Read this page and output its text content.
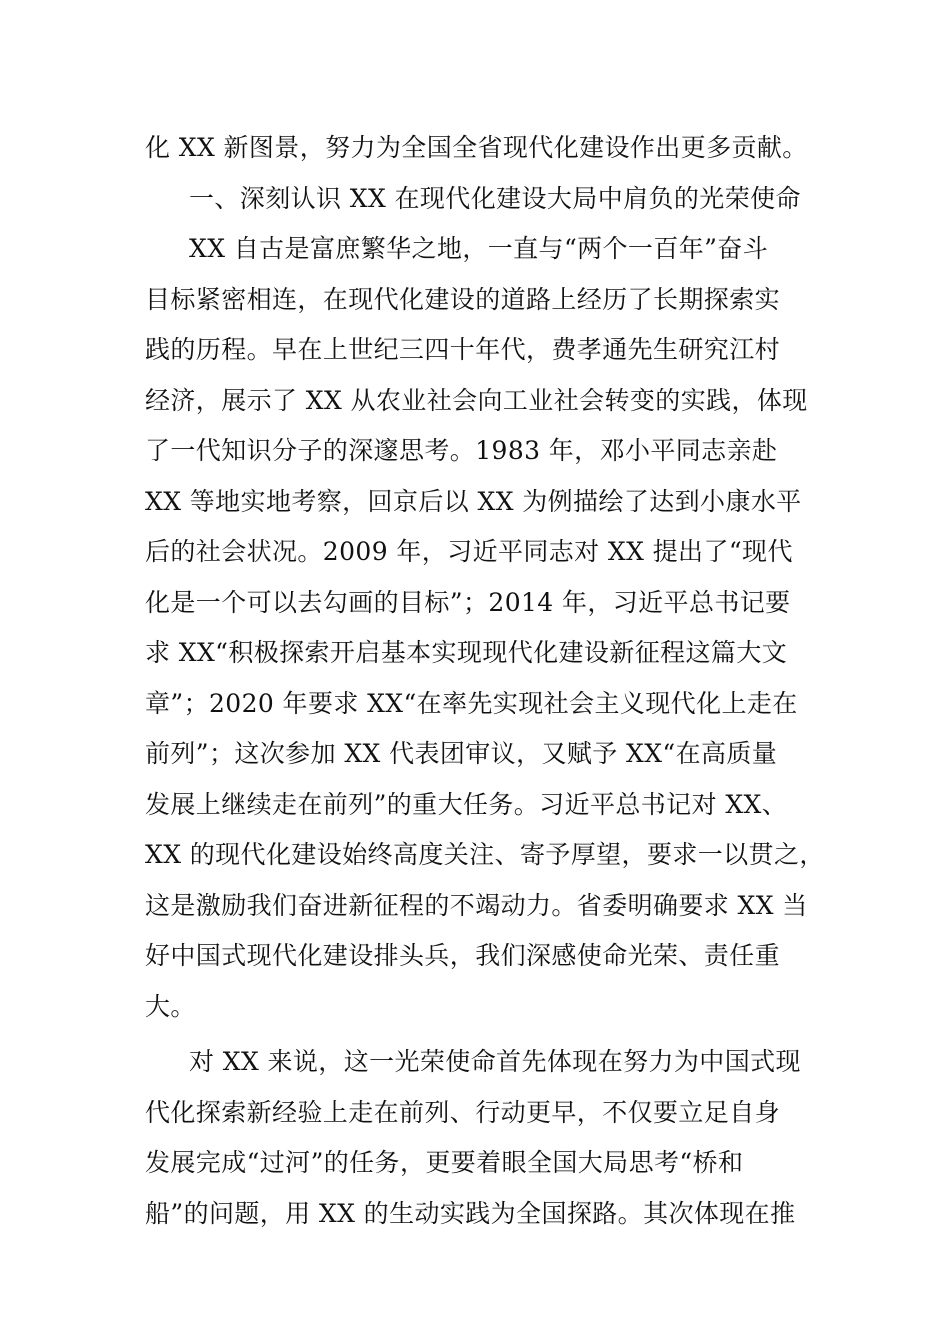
化 XX 新图景，努力为全国全省现代化建设作出更多贡献。
一、深刻认识 XX 在现代化建设大局中肩负的光荣使命
XX 自古是富庶繁华之地，一直与“两个一百年”奋斗
目标紧密相连，在现代化建设的道路上经历了长期探索实
践的历程。早在上世纪三四十年代，费孝通先生研究江村
经济，展示了 XX 从农业社会向工业社会转变的实践，体现
了一代知识分子的深邃思考。1983 年，邓小平同志亲赴
XX 等地实地考察，回京后以 XX 为例描绘了达到小康水平
后的社会状况。2009 年，习近平同志对 XX 提出了“现代
化是一个可以去勾画的目标”；2014 年，习近平总书记要
求 XX“积极探索开启基本实现现代化建设新征程这篇大文
章”；2020 年要求 XX“在率先实现社会主义现代化上走在
前列”；这次参加 XX 代表团审议，又赋予 XX“在高质量
发展上继续走在前列”的重大任务。习近平总书记对 XX、
XX 的现代化建设始终高度关注、寄予厚望，要求一以贯之，
这是激励我们奋进新征程的不竭动力。省委明确要求 XX 当
好中国式现代化建设排头兵，我们深感使命光荣、责任重
大。
对 XX 来说，这一光荣使命首先体现在努力为中国式现
代化探索新经验上走在前列、行动更早，不仅要立足自身
发展完成“过河”的任务，更要着眼全国大局思考“桥和
船”的问题，用 XX 的生动实践为全国探路。其次体现在推
